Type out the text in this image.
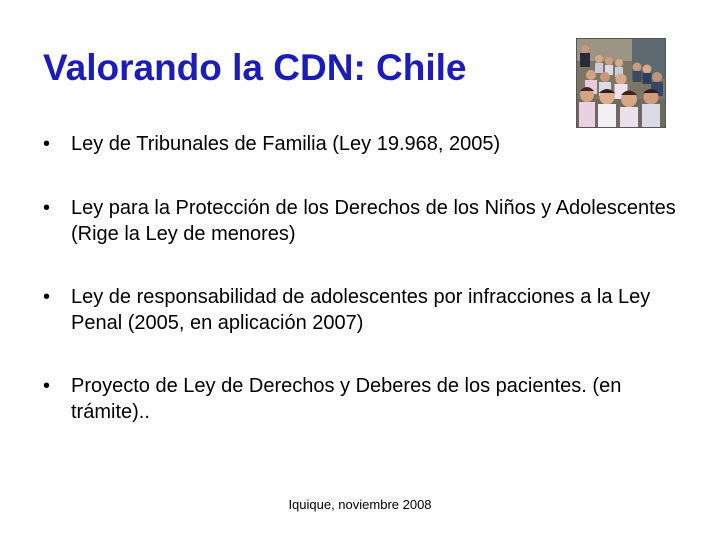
Valorando la CDN: Chile
•	Ley de Tribunales de Familia (Ley 19.968, 2005)
•	Ley para la Protección de los Derechos de los Niños y Adolescentes (Rige la Ley de menores)
•	Ley de responsabilidad de adolescentes por infracciones a la Ley Penal (2005, en aplicación 2007)
•	Proyecto de Ley de Derechos y Deberes de los pacientes. (en trámite)..
Iquique, noviembre 2008
